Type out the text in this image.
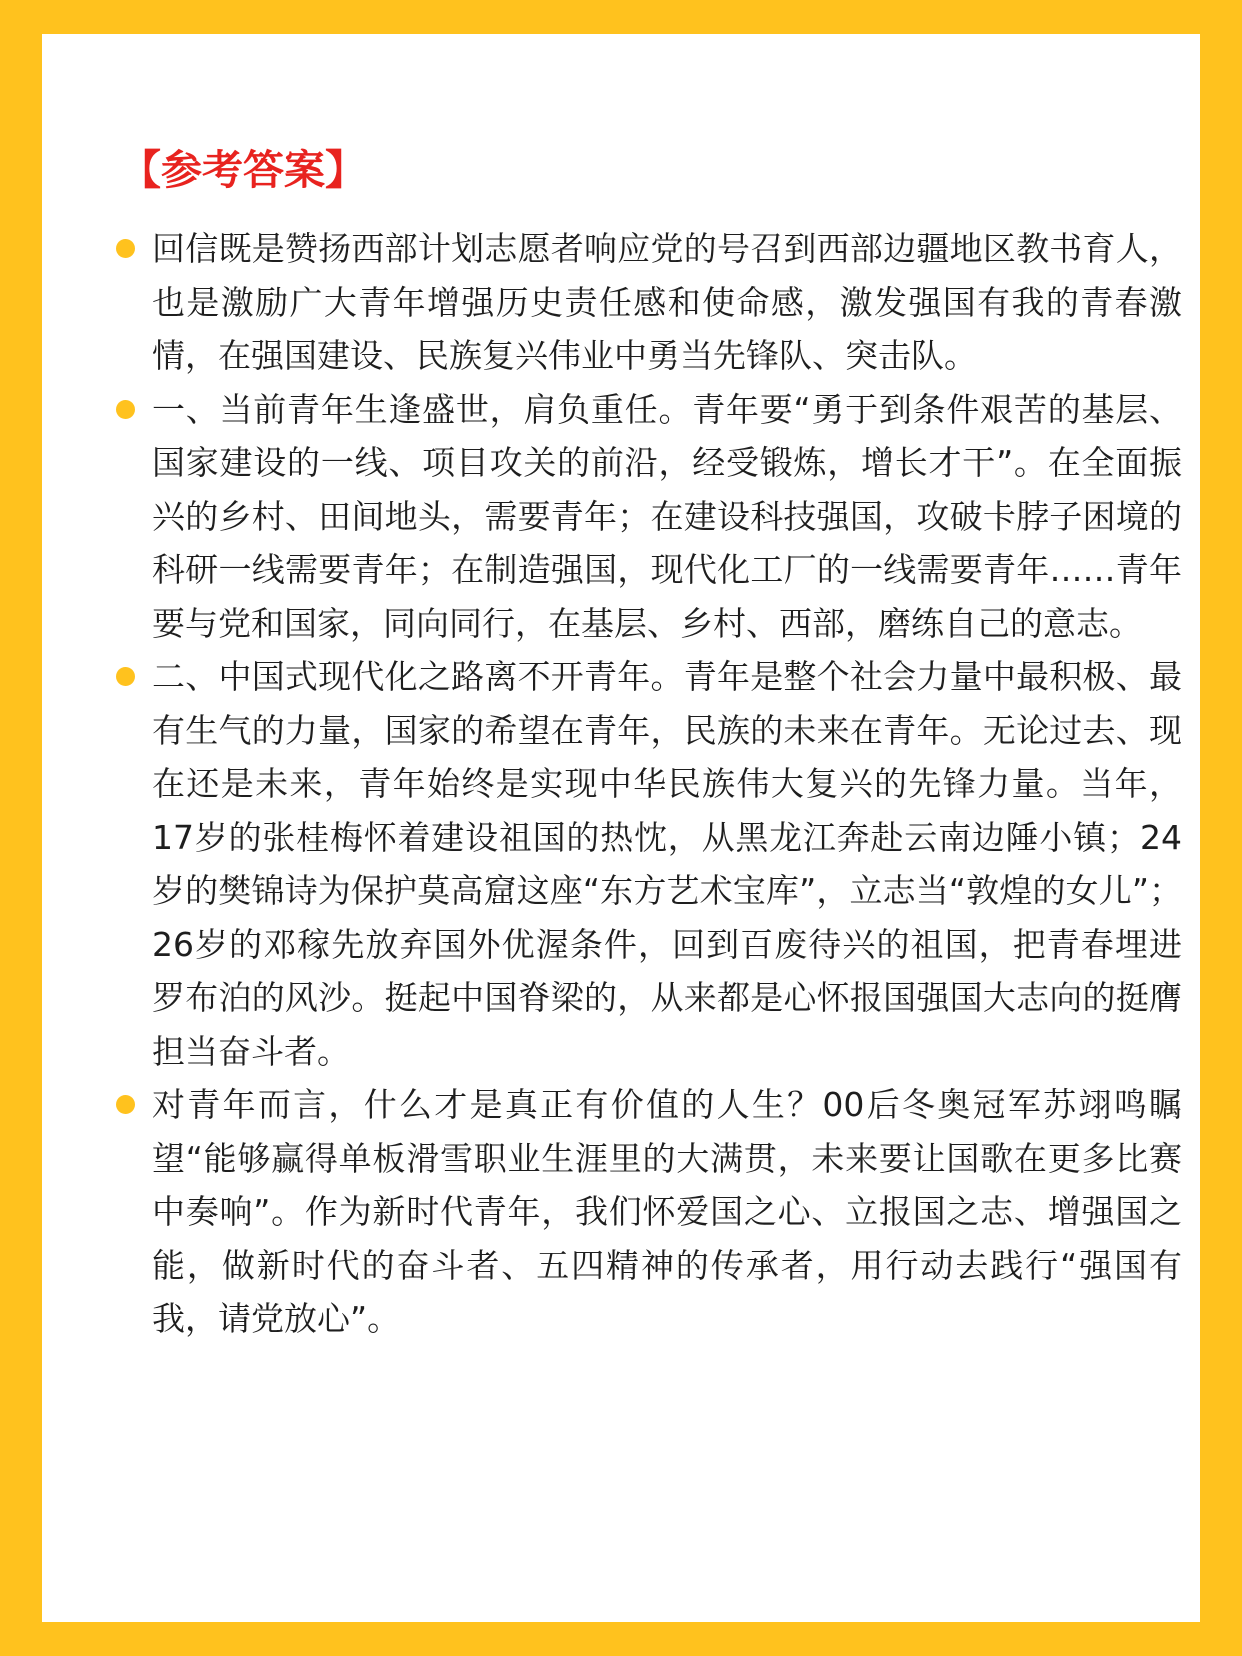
【参考答案】
回信既是赞扬西部计划志愿者响应党的号召到西部边疆地区教书育人，也是激励广大青年增强历史责任感和使命感，激发强国有我的青春激情，在强国建设、民族复兴伟业中勇当先锋队、突击队。
一、当前青年生逢盛世，肩负重任。青年要“勇于到条件艰苦的基层、国家建设的一线、项目攻关的前沿，经受锻炼，增长才干”。在全面振兴的乡村、田间地头，需要青年；在建设科技强国，攻破卡脖子困境的科研一线需要青年；在制造强国，现代化工厂的一线需要青年……青年要与党和国家，同向同行，在基层、乡村、西部，磨练自己的意志。
二、中国式现代化之路离不开青年。青年是整个社会力量中最积极、最有生气的力量，国家的希望在青年，民族的未来在青年。无论过去、现在还是未来，青年始终是实现中华民族伟大复兴的先锋力量。当年，17岁的张桂梅怀着建设祖国的热忱，从黑龙江奔赴云南边陲小镇；24岁的樊锦诗为保护莫高窟这座“东方艺术宝库”，立志当“敦煌的女儿”；26岁的邓稼先放弃国外优渥条件，回到百废待兴的祖国，把青春埋进罗布泊的风沙。挺起中国脊梁的，从来都是心怀报国强国大志向的挺膺担当奋斗者。
对青年而言，什么才是真正有价值的人生？00后冬奥冠军苏翊鸣瞩望“能够赢得单板滑雪职业生涯里的大满贯，未来要让国歌在更多比赛中奏响”。作为新时代青年，我们怀爱国之心、立报国之志、增强国之能，做新时代的奋斗者、五四精神的传承者，用行动去践行“强国有我，请党放心”。
